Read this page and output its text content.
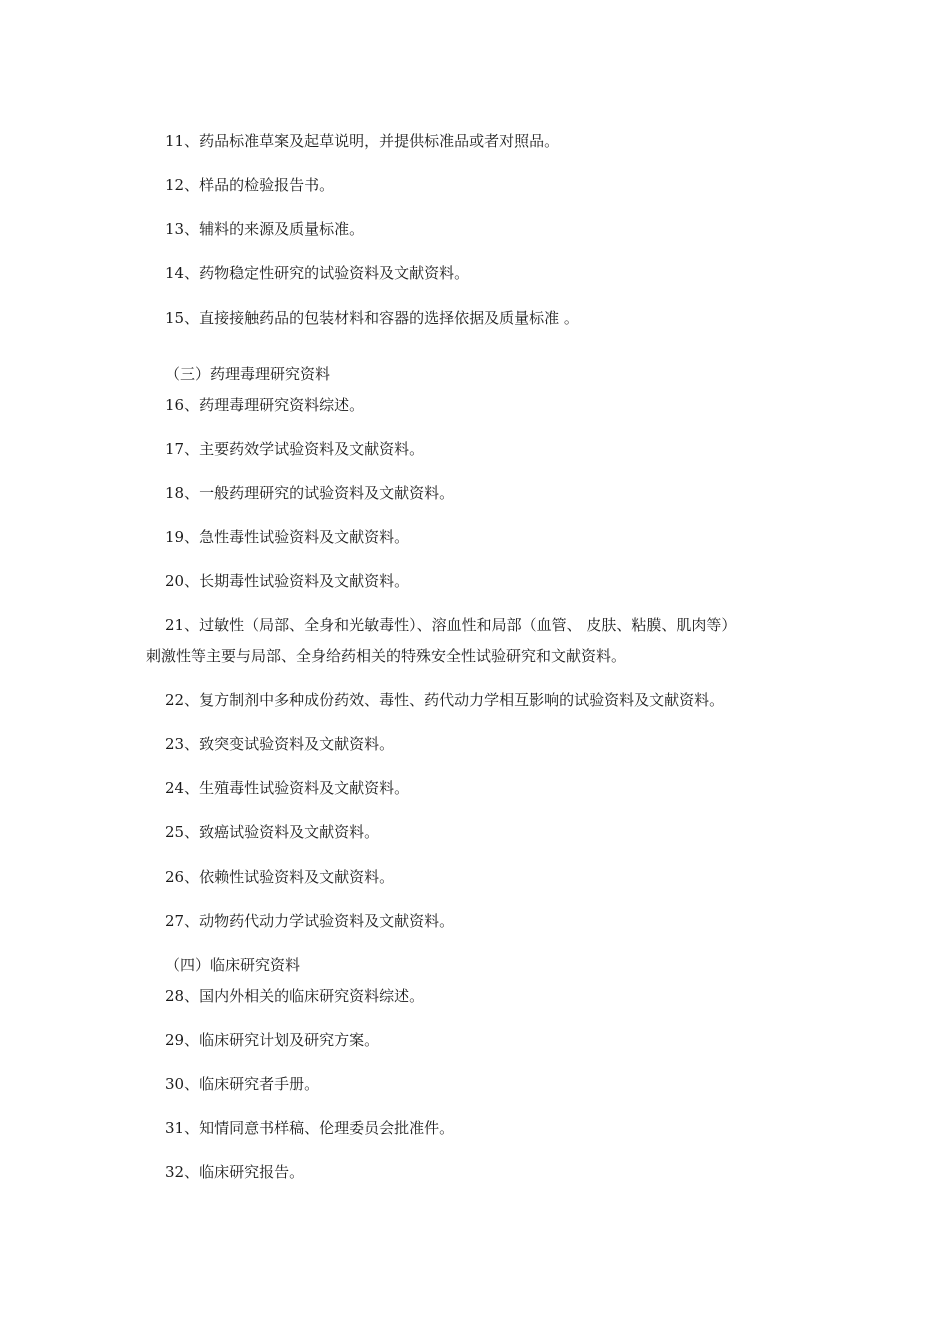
11、药品标准草案及起草说明，并提供标准品或者对照品。
12、样品的检验报告书。
13、辅料的来源及质量标准。
14、药物稳定性研究的试验资料及文献资料。
15、直接接触药品的包装材料和容器的选择依据及质量标准 。
（三）药理毒理研究资料
16、药理毒理研究资料综述。
17、主要药效学试验资料及文献资料。
18、一般药理研究的试验资料及文献资料。
19、急性毒性试验资料及文献资料。
20、长期毒性试验资料及文献资料。
21、过敏性（局部、全身和光敏毒性）、溶血性和局部（血管、 皮肤、粘膜、肌肉等）
刺激性等主要与局部、全身给药相关的特殊安全性试验研究和文献资料。
22、复方制剂中多种成份药效、毒性、药代动力学相互影响的试验资料及文献资料。
23、致突变试验资料及文献资料。
24、生殖毒性试验资料及文献资料。
25、致癌试验资料及文献资料。
26、依赖性试验资料及文献资料。
27、动物药代动力学试验资料及文献资料。
（四）临床研究资料
28、国内外相关的临床研究资料综述。
29、临床研究计划及研究方案。
30、临床研究者手册。
31、知情同意书样稿、伦理委员会批准件。
32、临床研究报告。
